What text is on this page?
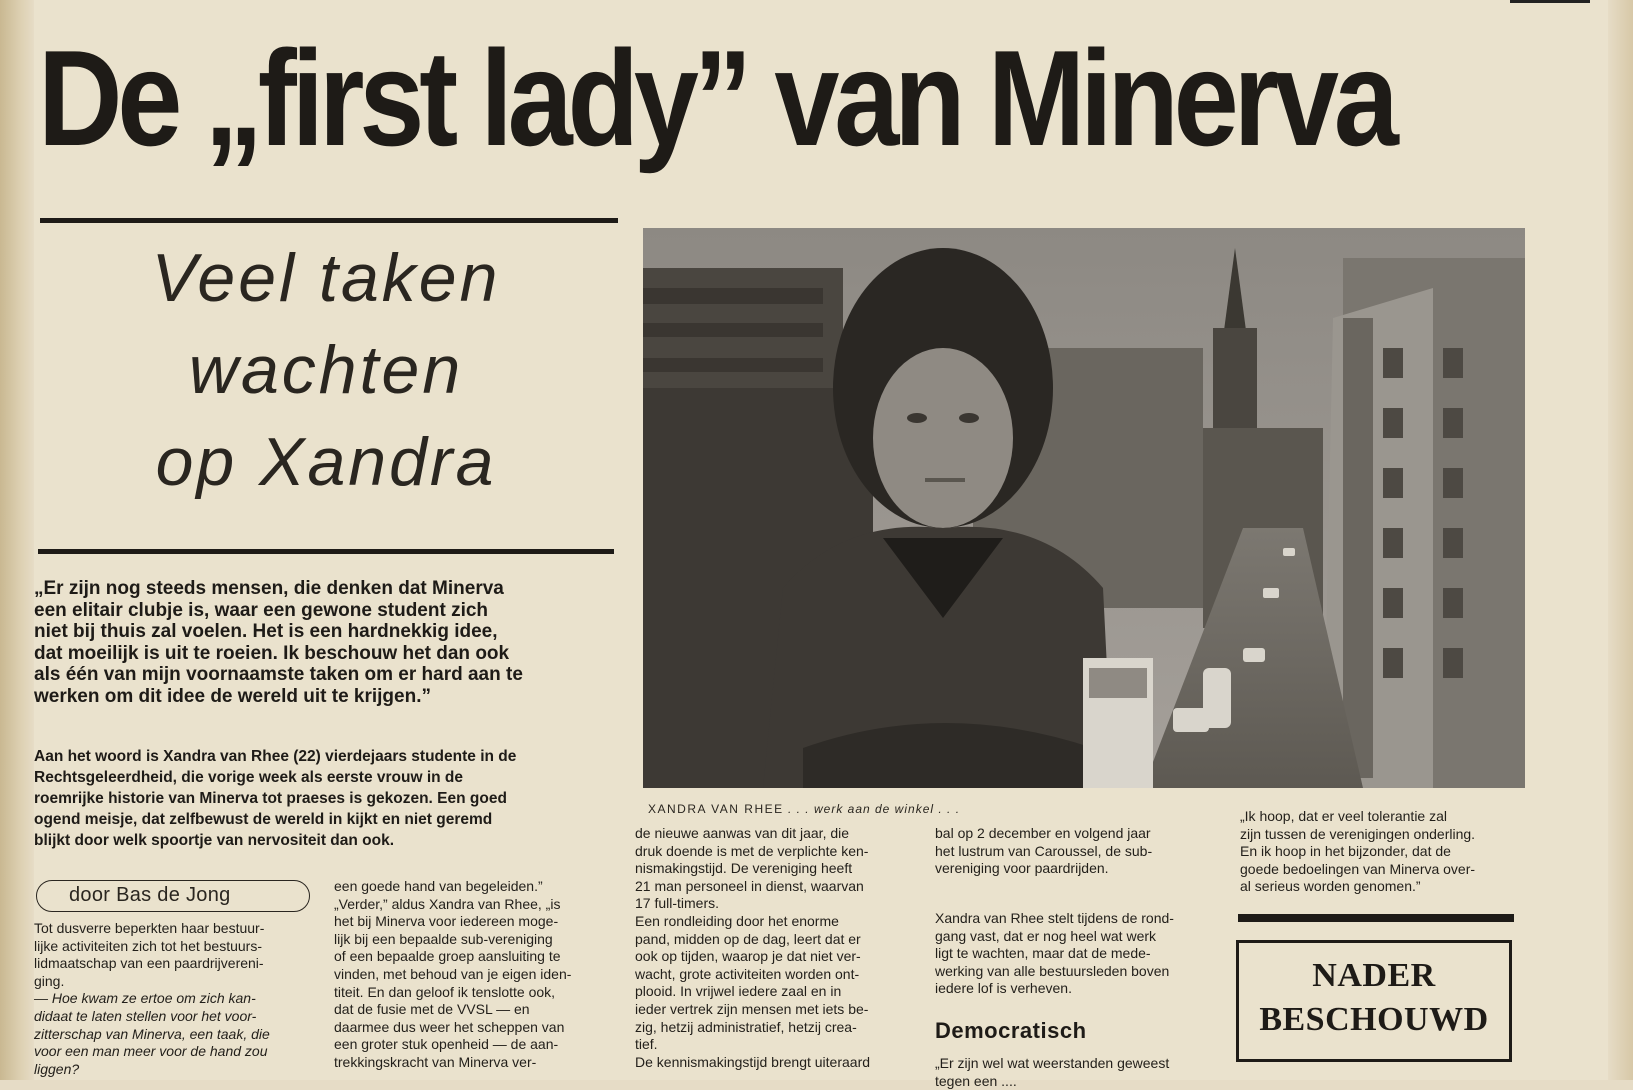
De „first lady” van Minerva
Veel taken
wachten
op Xandra
XANDRA VAN RHEE . . . werk aan de winkel . . .
„Er zijn nog steeds mensen, die denken dat Minerva
een elitair clubje is, waar een gewone student zich
niet bij thuis zal voelen. Het is een hardnekkig idee,
dat moeilijk is uit te roeien. Ik beschouw het dan ook
als één van mijn voornaamste taken om er hard aan te
werken om dit idee de wereld uit te krijgen.”
Aan het woord is Xandra van Rhee (22) vierdejaars studente in de
Rechtsgeleerdheid, die vorige week als eerste vrouw in de
roemrijke historie van Minerva tot praeses is gekozen. Een goed
ogend meisje, dat zelfbewust de wereld in kijkt en niet geremd
blijkt door welk spoortje van nervositeit dan ook.
door Bas de Jong
Tot dusverre beperkten haar bestuur-
lijke activiteiten zich tot het bestuurs-
lidmaatschap van een paardrijvereni-
ging.
— Hoe kwam ze ertoe om zich kan-
didaat te laten stellen voor het voor-
zitterschap van Minerva, een taak, die
voor een man meer voor de hand zou
liggen?
een goede hand van begeleiden.”
„Verder,” aldus Xandra van Rhee, „is
het bij Minerva voor iedereen moge-
lijk bij een bepaalde sub-vereniging
of een bepaalde groep aansluiting te
vinden, met behoud van je eigen iden-
titeit. En dan geloof ik tenslotte ook,
dat de fusie met de VVSL — en
daarmee dus weer het scheppen van
een groter stuk openheid — de aan-
trekkingskracht van Minerva ver-
de nieuwe aanwas van dit jaar, die
druk doende is met de verplichte ken-
nismakingstijd. De vereniging heeft
21 man personeel in dienst, waarvan
17 full-timers.
Een rondleiding door het enorme
pand, midden op de dag, leert dat er
ook op tijden, waarop je dat niet ver-
wacht, grote activiteiten worden ont-
plooid. In vrijwel iedere zaal en in
ieder vertrek zijn mensen met iets be-
zig, hetzij administratief, hetzij crea-
tief.
De kennismakingstijd brengt uiteraard
bal op 2 december en volgend jaar
het lustrum van Caroussel, de sub-
vereniging voor paardrijden.
Xandra van Rhee stelt tijdens de rond-
gang vast, dat er nog heel wat werk
ligt te wachten, maar dat de mede-
werking van alle bestuursleden boven
iedere lof is verheven.
Democratisch
„Er zijn wel wat weerstanden geweest
tegen een ....
„Ik hoop, dat er veel tolerantie zal
zijn tussen de verenigingen onderling.
En ik hoop in het bijzonder, dat de
goede bedoelingen van Minerva over-
al serieus worden genomen.”
NADER
BESCHOUWD
